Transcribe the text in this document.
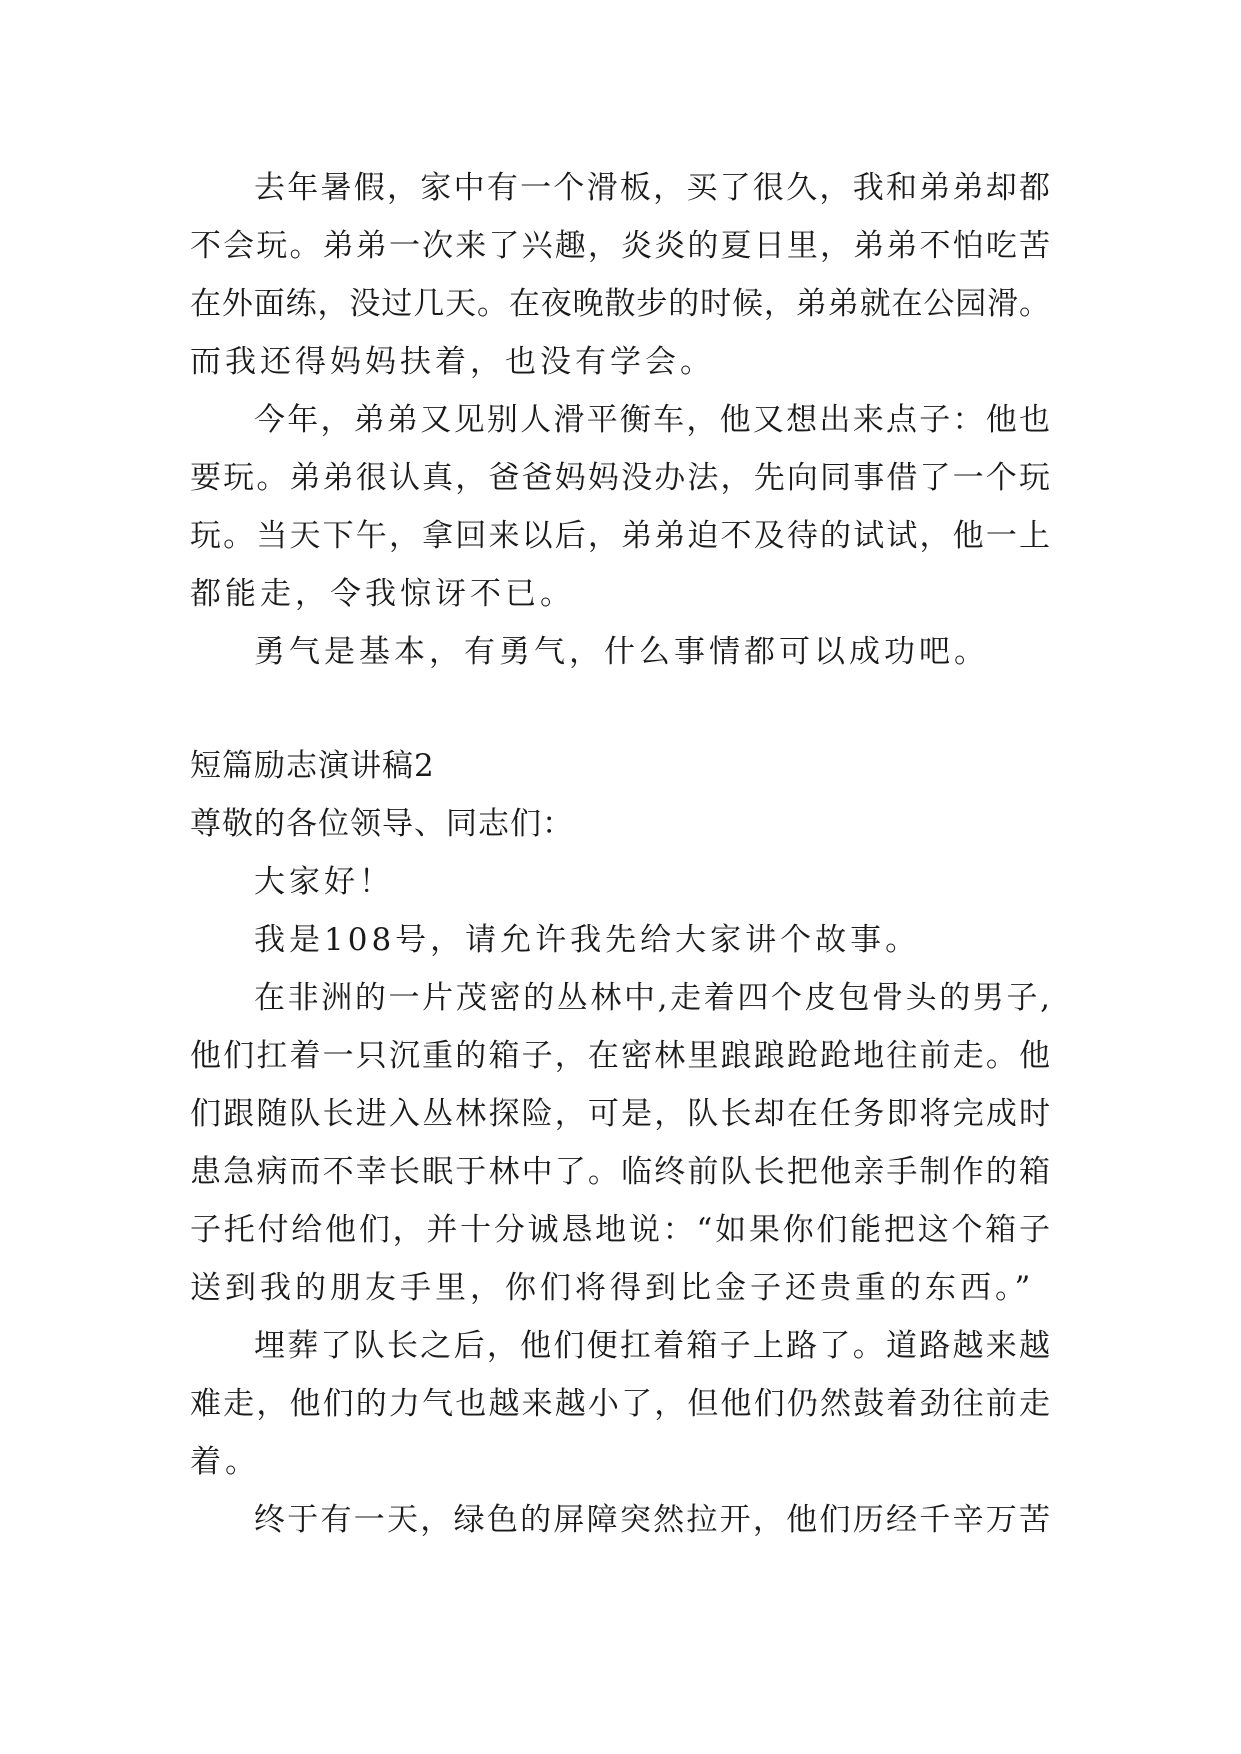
去年暑假，家中有一个滑板，买了很久，我和弟弟却都
不会玩。弟弟一次来了兴趣，炎炎的夏日里，弟弟不怕吃苦
在外面练，没过几天。在夜晚散步的时候，弟弟就在公园滑。
而我还得妈妈扶着，也没有学会。
今年，弟弟又见别人滑平衡车，他又想出来点子：他也
要玩。弟弟很认真，爸爸妈妈没办法，先向同事借了一个玩
玩。当天下午，拿回来以后，弟弟迫不及待的试试，他一上
都能走，令我惊讶不已。
勇气是基本，有勇气，什么事情都可以成功吧。
短篇励志演讲稿2
尊敬的各位领导、同志们：
大家好！
我是108号，请允许我先给大家讲个故事。
在非洲的一片茂密的丛林中,走着四个皮包骨头的男子,
他们扛着一只沉重的箱子，在密林里踉踉跄跄地往前走。他
们跟随队长进入丛林探险，可是，队长却在任务即将完成时
患急病而不幸长眠于林中了。临终前队长把他亲手制作的箱
子托付给他们，并十分诚恳地说：“如果你们能把这个箱子
送到我的朋友手里，你们将得到比金子还贵重的东西。”
埋葬了队长之后，他们便扛着箱子上路了。道路越来越
难走，他们的力气也越来越小了，但他们仍然鼓着劲往前走
着。
终于有一天，绿色的屏障突然拉开，他们历经千辛万苦
